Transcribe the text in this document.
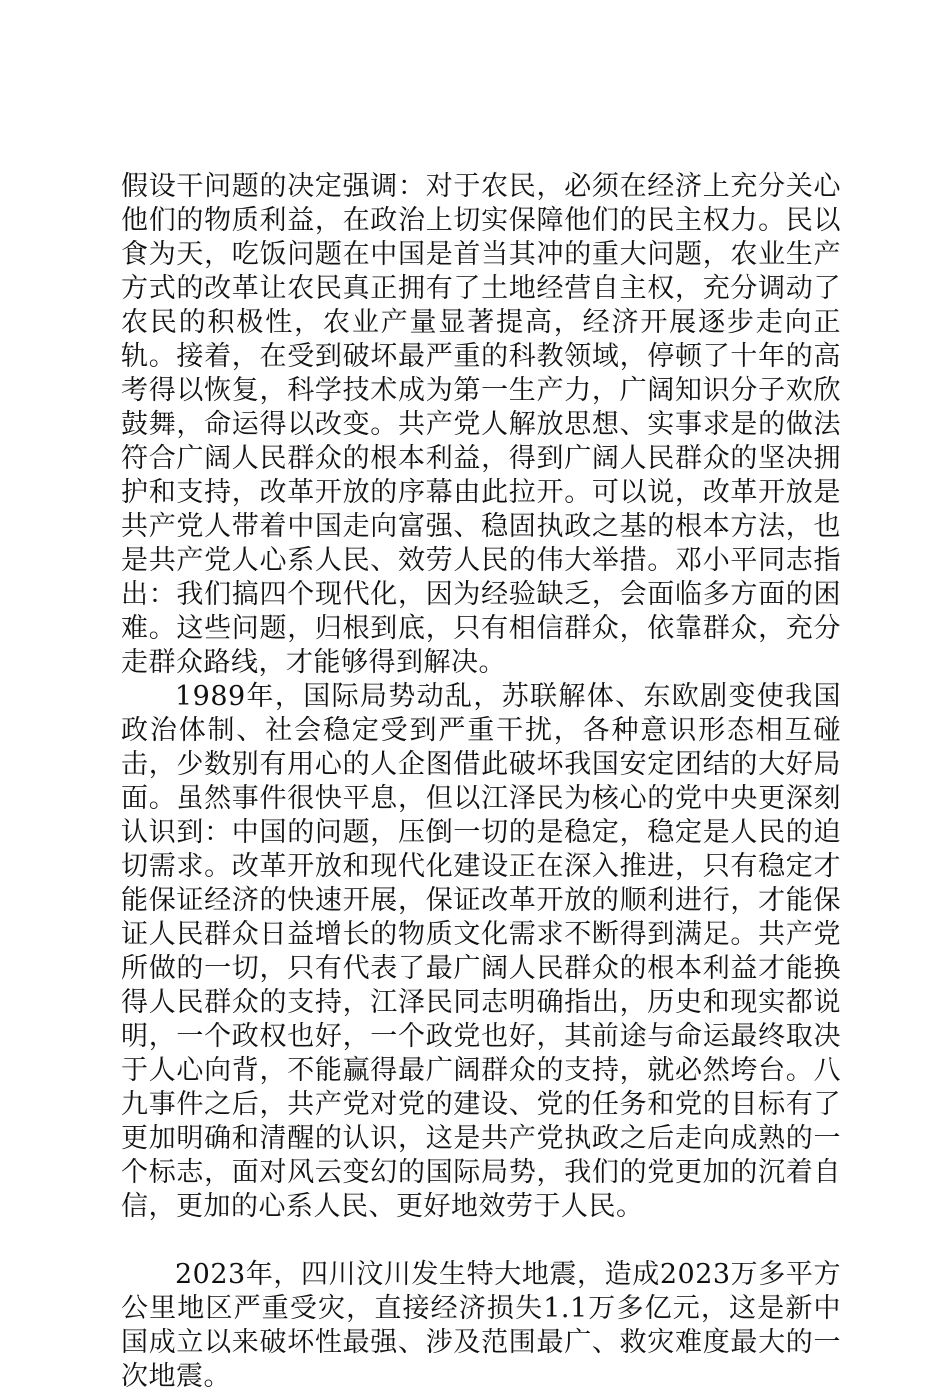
假设干问题的决定强调：对于农民，必须在经济上充分关心他们的物质利益，在政治上切实保障他们的民主权力。民以食为天，吃饭问题在中国是首当其冲的重大问题，农业生产方式的改革让农民真正拥有了土地经营自主权，充分调动了农民的积极性，农业产量显著提高，经济开展逐步走向正轨。接着，在受到破坏最严重的科教领域，停顿了十年的高考得以恢复，科学技术成为第一生产力，广阔知识分子欢欣鼓舞，命运得以改变。共产党人解放思想、实事求是的做法符合广阔人民群众的根本利益，得到广阔人民群众的坚决拥护和支持，改革开放的序幕由此拉开。可以说，改革开放是共产党人带着中国走向富强、稳固执政之基的根本方法，也是共产党人心系人民、效劳人民的伟大举措。邓小平同志指出：我们搞四个现代化，因为经验缺乏，会面临多方面的困难。这些问题，归根到底，只有相信群众，依靠群众，充分走群众路线，才能够得到解决。

1989年，国际局势动乱，苏联解体、东欧剧变使我国政治体制、社会稳定受到严重干扰，各种意识形态相互碰击，少数别有用心的人企图借此破坏我国安定团结的大好局面。虽然事件很快平息，但以江泽民为核心的党中央更深刻认识到：中国的问题，压倒一切的是稳定，稳定是人民的迫切需求。改革开放和现代化建设正在深入推进，只有稳定才能保证经济的快速开展，保证改革开放的顺利进行，才能保证人民群众日益增长的物质文化需求不断得到满足。共产党所做的一切，只有代表了最广阔人民群众的根本利益才能换得人民群众的支持，江泽民同志明确指出，历史和现实都说明，一个政权也好，一个政党也好，其前途与命运最终取决于人心向背，不能赢得最广阔群众的支持，就必然垮台。八九事件之后，共产党对党的建设、党的任务和党的目标有了更加明确和清醒的认识，这是共产党执政之后走向成熟的一个标志，面对风云变幻的国际局势，我们的党更加的沉着自信，更加的心系人民、更好地效劳于人民。

2023年，四川汶川发生特大地震，造成2023万多平方公里地区严重受灾，直接经济损失1.1万多亿元，这是新中国成立以来破坏性最强、涉及范围最广、救灾难度最大的一次地震。
